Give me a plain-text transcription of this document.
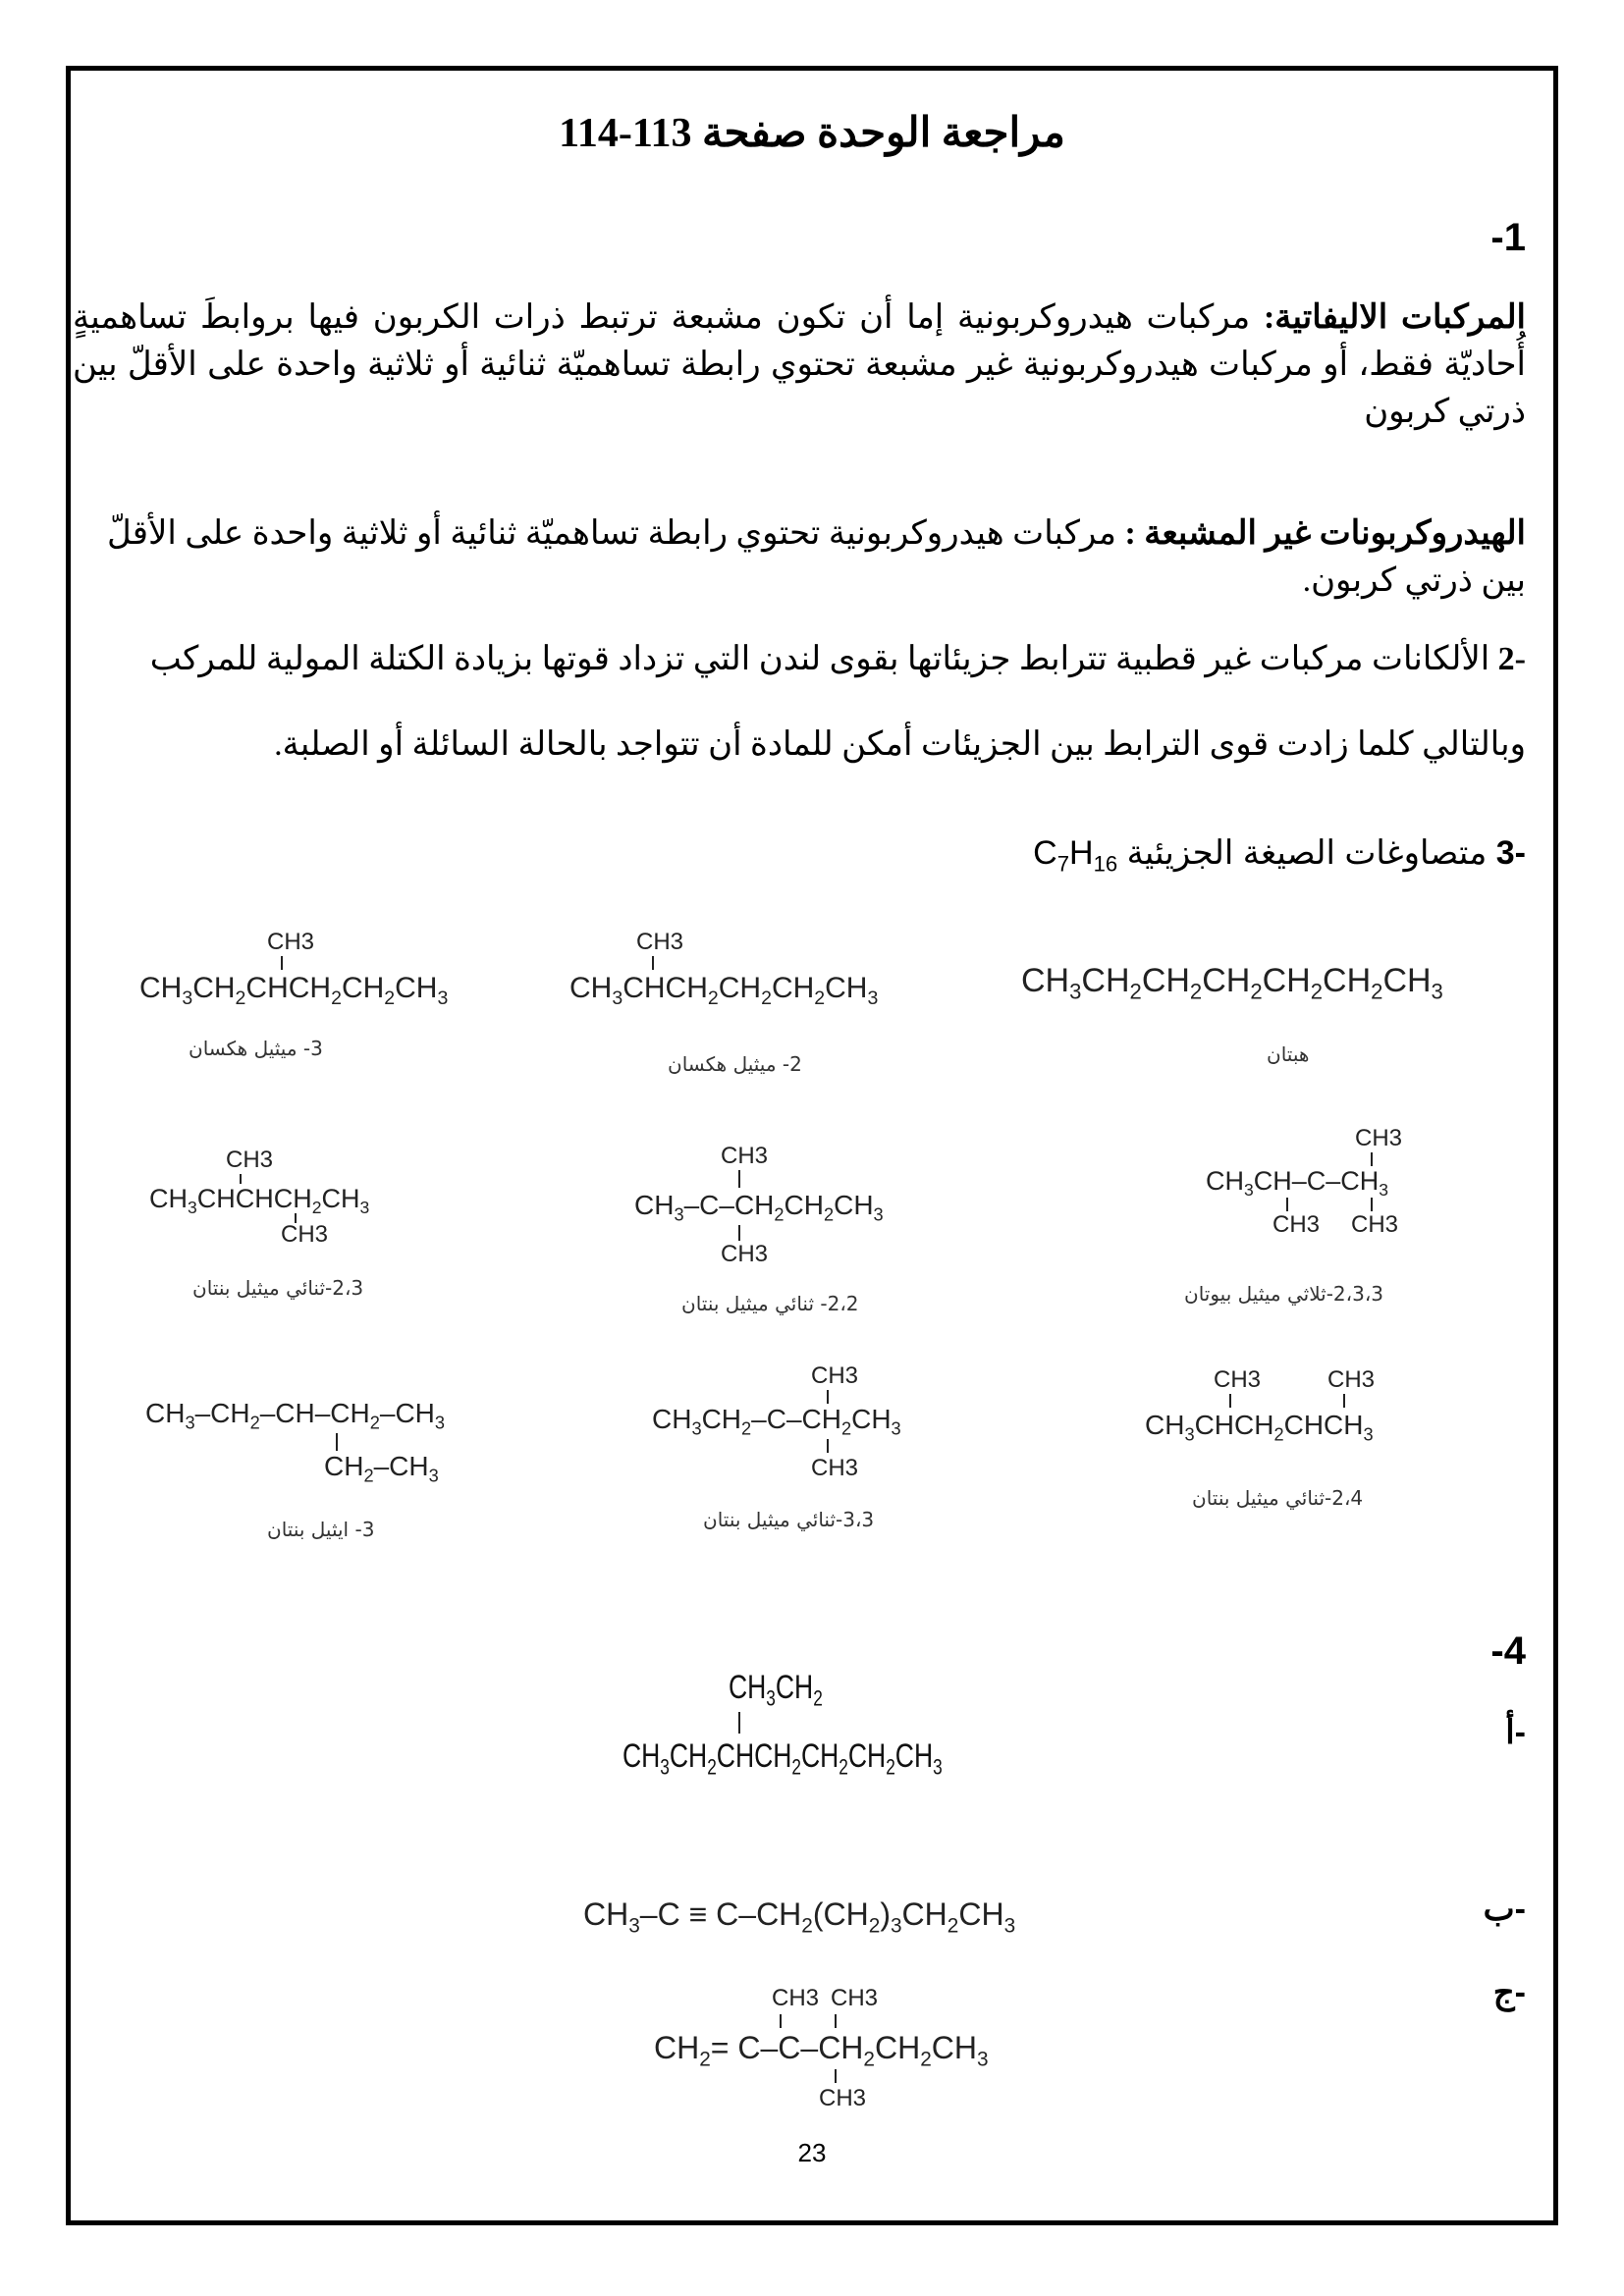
مراجعة الوحدة صفحة 113-114
-1
المركبات الاليفاتية: مركبات هيدروكربونية إما أن تكون مشبعة ترتبط ذرات الكربون فيها بروابطَ تساهميةٍ أُحاديّة فقط، أو مركبات هيدروكربونية غير مشبعة تحتوي رابطة تساهميّة ثنائية أو ثلاثية واحدة على الأقلّ بين ذرتي كربون
الهيدروكربونات غير المشبعة : مركبات هيدروكربونية تحتوي رابطة تساهميّة ثنائية أو ثلاثية واحدة على الأقلّ بين ذرتي كربون.
-2 الألكانات مركبات غير قطبية تترابط جزيئاتها بقوى لندن التي تزداد قوتها بزيادة الكتلة المولية للمركب
وبالتالي كلما زادت قوى الترابط بين الجزيئات أمكن للمادة أن تتواجد بالحالة السائلة أو الصلبة.
-3 متصاوغات الصيغة الجزيئية $C_7H_{16}$
$CH_3CH_2CH_2CH_2CH_2CH_2CH_3$
هبتان
CH3
$CH_3CHCH_2CH_2CH_2CH_3$
2- ميثيل هكسان
CH3
$CH_3CH_2CHCH_2CH_2CH_3$
3- ميثيل هكسان
CH3
$CH_3CH-C-CH_3$
CH3 CH3
2،3،3-ثلاثي ميثيل بيوتان
CH3
$CH_3-C-CH_2CH_2CH_3$
CH3
2،2- ثنائي ميثيل بنتان
CH3
$CH_3CHCHCH_2CH_3$
CH3
2،3-ثنائي ميثيل بنتان
CH3	CH3
$CH_3CHCH_2CHCH_3$
2،4-ثنائي ميثيل بنتان
CH3
$CH_3CH_2-C-CH_2CH_3$
CH3
3،3-ثنائي ميثيل بنتان
$CH_3-CH_2-CH-CH_2-CH_3$
$CH_2-CH_3$
3- ايثيل بنتان
-4
أ-
ب-
ج-
$CH_3CH_2$
$CH_3CH_2CHCH_2CH_2CH_2CH_3$
$CH_3-C \equiv C-CH_2(CH_2)_3CH_2CH_3$
CH3 CH3
$CH_2= C-C-CH_2CH_2CH_3$
CH3
23
